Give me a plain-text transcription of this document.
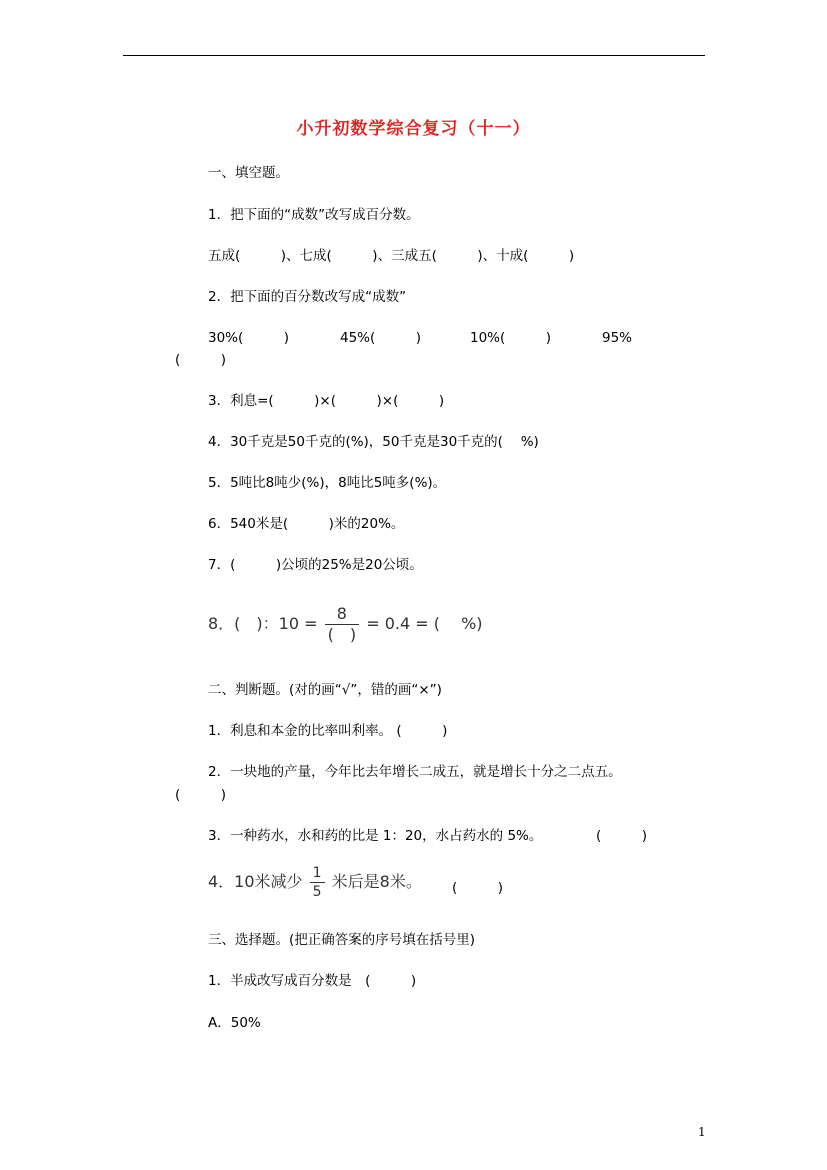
小升初数学综合复习（十一）
一、填空题。
1．把下面的“成数”改写成百分数。
五成(　　　)、七成(　　　)、三成五(　　　)、十成(　　　)
2．把下面的百分数改写成“成数”
30%(　　　)	45%(　　　)	10%(　　　)	95%
(　　　)
3．利息=(　　　)×(　　　)×(　　　)
4．30千克是50千克的(%)，50千克是30千克的(　 %)
5．5吨比8吨少(%)，8吨比5吨多(%)。
6．540米是(　　　)米的20%。
7．(　　　)公顷的25%是20公顷。
8．(　)：$10 = \frac{8}{( )} = 0.4$ = (　 %)
二、判断题。(对的画“√”，错的画“×”)
1．利息和本金的比率叫利率。 (　　　)
2．一块地的产量，今年比去年增长二成五，就是增长十分之二点五。
(　　　)
3．一种药水，水和药的比是 1：20，水占药水的 5%。	(　　　)
4．10米减少 $\frac{1}{5}$ 米后是8米。 (　　　)
三、选择题。(把正确答案的序号填在括号里)
1．半成改写成百分数是　(　　　)
A．50%
1
